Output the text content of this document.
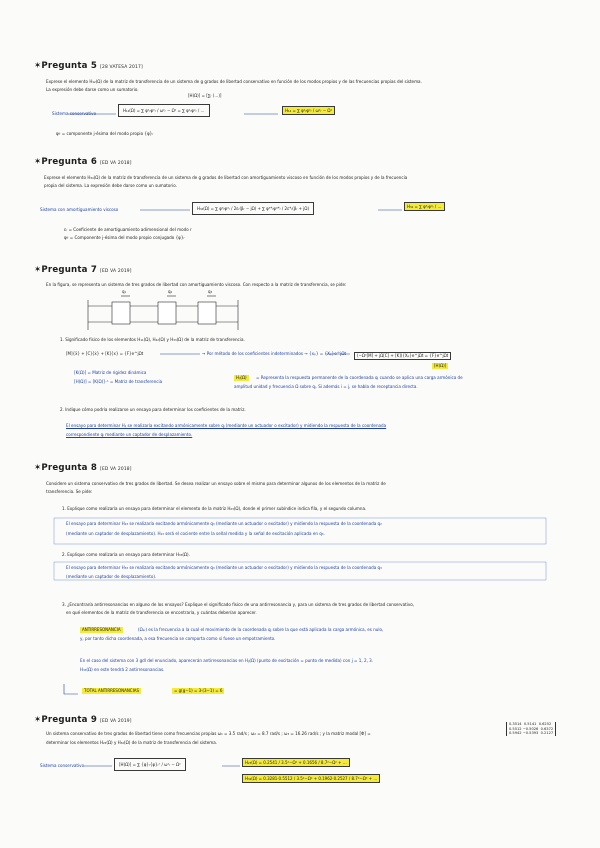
✶Pregunta 5 [28 VATESA 2017]
Exprese el elemento H₁₂(Ω) de la matriz de transferencia de un sistema de g grados de libertad conservativo en función de los modos propios y de las frecuencias propias del sistema.
La expresión debe darse como un sumatorio.
[H(Ω)] = [∑ᵣ (…)]
Sistema conservativo
H₁₂(Ω) = ∑ φ¹ᵣφ²ᵣ / ω²ᵣ − Ω² = ∑ φ¹ᵣφ²ᵣ / …	H₁₂ = ∑ φ¹ᵣφ²ᵣ / ω²ᵣ − Ω²
φʲᵣ = componente j-ésima del modo propio {φ}ᵣ
✶Pregunta 6 [ED VA 2018]
Exprese el elemento H₃₄(Ω) de la matriz de transferencia de un sistema de g grados de libertad con amortiguamiento viscoso en función de los modos propios y de la frecuencia
propia del sistema. La expresión debe darse como un sumatorio.
Sistema con amortiguamiento viscoso	H₃₄(Ω) = ∑ φ³ᵣφ⁴ᵣ / 2εᵣ(βᵣ − jΩ) + ∑ φ³*ᵣφ⁴*ᵣ / 2ε*ᵣ(βᵣ + jΩ)	H₃₄ = ∑ φ³ᵣφ⁴ᵣ / …
εᵣ = Coeficiente de amortiguamiento adimensional del modo r
φʲᵣ = Componente j-ésima del modo propio conjugado {φ}ᵣ
✶Pregunta 7 [ED VA 2019]
En la figura, se representa un sistema de tres grados de libertad con amortiguamiento viscoso. Con respecto a la matriz de transferencia, se pide:
q₁	q₂	q₃
1. Significado físico de los elementos H₁₁(Ω), H₂₂(Ω) y H₃₃(Ω) de la matriz de transferencia.
[M]{ẍ} + [C]{ẋ} + [K]{x} = {F}e^jΩt	→ Por método de los coeficientes indeterminados → {xₚ} = {Xₚ}e^jΩt	(−Ω²[M] + jΩ[C] + [K]){Xₚ}e^jΩt = {F}e^jΩt
[H(Ω)]
[K(Ω)] = Matriz de rigidez dinámica
[H(Ω)] = [K(Ω)]⁻¹ = Matriz de transferencia
Hᵢⱼ(Ω)	= Representa la respuesta permanente de la coordenada qᵢ cuando se aplica una carga armónica de
amplitud unidad y frecuencia Ω sobre qⱼ. Si además i = j, se habla de receptancia directa.
2. Indique cómo podría realizarse un ensayo para determinar los coeficientes de la matriz.
El ensayo para determinar Hᵢⱼ se realizaría excitando armónicamente sobre qⱼ (mediante un actuador o excitador) y midiendo la respuesta de la coordenada
correspondiente qᵢ mediante un captador de desplazamiento.
✶Pregunta 8 [ED VA 2018]
Considere un sistema conservativo de tres grados de libertad. Se desea realizar un ensayo sobre el mismo para determinar algunos de los elementos de la matriz de
transferencia. Se pide:
1. Explique como realizaría un ensayo para determinar el elemento de la matriz H₂₃(Ω), donde el primer subíndice indica fila, y el segundo columna.
El ensayo para determinar H₂₃ se realizaría excitando armónicamente q₃ (mediante un actuador o excitador) y midiendo la respuesta de la coordenada q₂
(mediante un captador de desplazamiento). H₂₃ será el cociente entre la señal medida y la señal de excitación aplicada en q₃.
2. Explique como realizaría un ensayo para determinar H₃₃(Ω).
El ensayo para determinar H₃₃ se realizaría excitando armónicamente q₃ (mediante un actuador o excitador) y midiendo la respuesta de la coordenada q₃
(mediante un captador de desplazamiento).
3. ¿Encontraría antirresonancias en alguno de los ensayos? Explique el significado físico de una antirresonancia y, para un sistema de tres grados de libertad conservativo,
en qué elementos de la matriz de transferencia se encontraría, y cuántas deberían aparecer.
ANTIRRESONANCIA	(Ωₐᵣ) es la frecuencia a la cual el movimiento de la coordenada qⱼ sobre la que está aplicada la carga armónica, es nulo,
y, por tanto dicha coordenada, a esa frecuencia se comporta como si fuese un empotramiento.
En el caso del sistema con 3 gdl del enunciado, aparecerán antirresonancias en Hⱼⱼ(Ω) (punto de excitación = punto de medida) con j = 1, 2, 3.
H₃₃(Ω) en este tendrá 2 antirresonancias.
TOTAL ANTIRRESONANCIAS	= g(g−1) = 3·(3−1) = 6
✶Pregunta 9 [ED VA 2019]
Un sistema conservativo de tres grados de libertad tiene como frecuencias propias ω₁ = 3.5 rad/s ; ω₂ = 8.7 rad/s ; ω₃ = 16.26 rad/s ; y la matriz modal [Φ] =
determinar los elementos H₂₃(Ω) y H₃₂(Ω) de la matriz de transferencia del sistema.
0.3514  0.5141  0.6252
0.5512 −0.5026  0.6372
0.5942 −0.5393  0.2127
Sistema conservativo	[H(Ω)] = ∑ {φ}ᵣ{φ}ᵣᵀ / ω²ᵣ − Ω²	H₂₃(Ω) = 0.2541 / 3.5²−Ω² + 0.1656 / 8.7²−Ω² + …
H₃₂(Ω) = 0.3281·0.5512 / 3.5²−Ω² + 0.1962·0.2527 / 8.7²−Ω² + …
